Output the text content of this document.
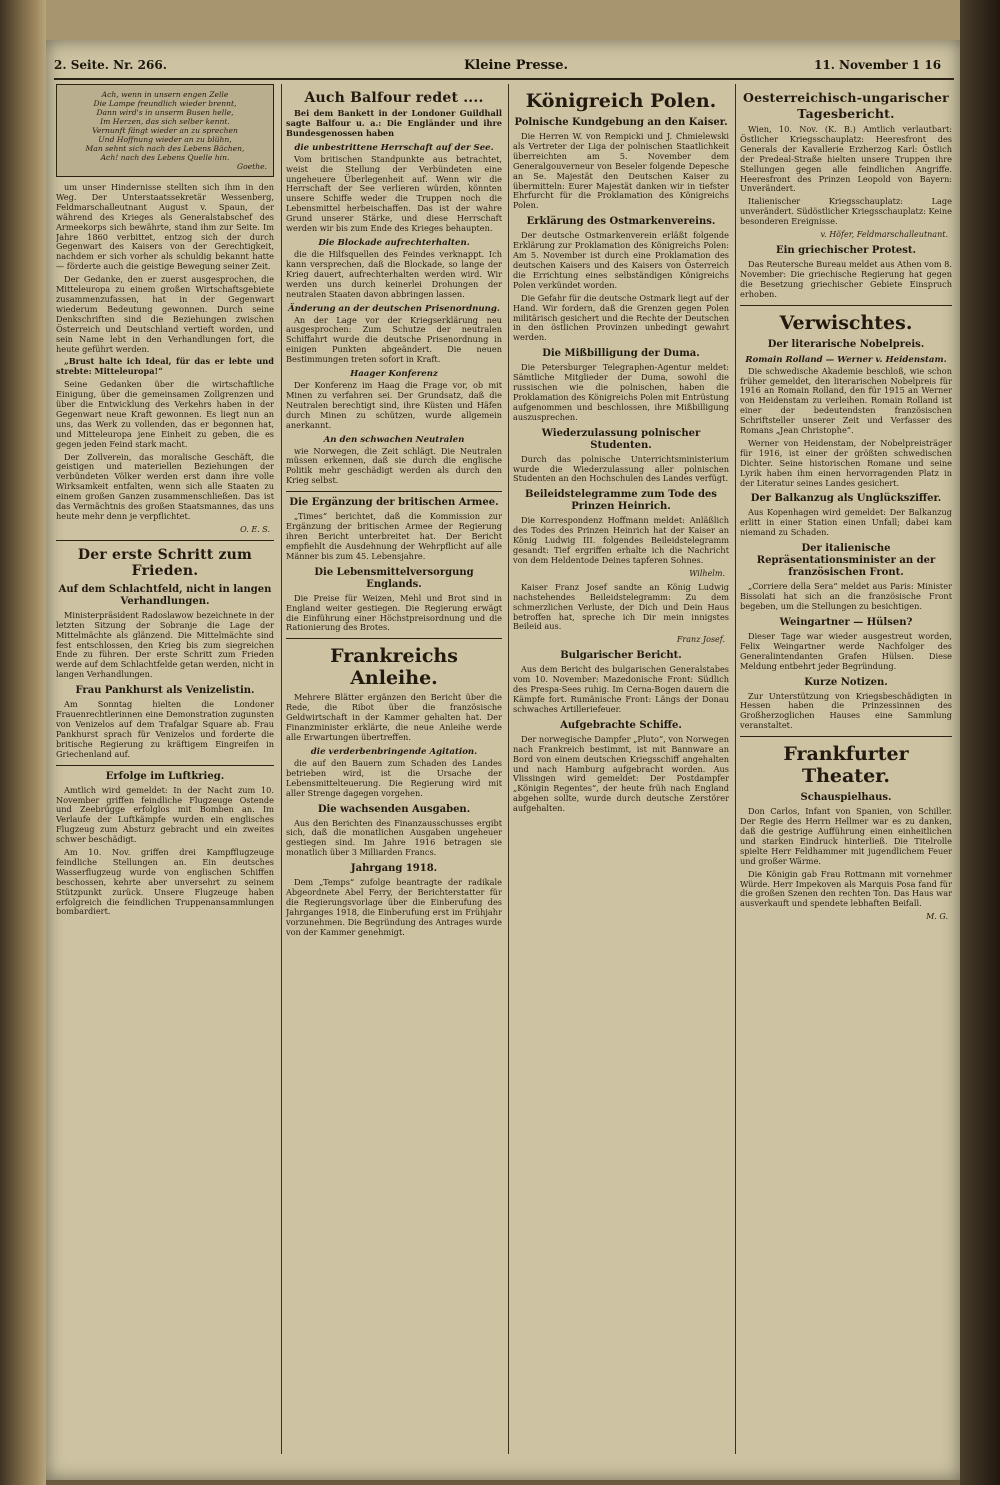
2. Seite. Nr. 266.	Kleine Presse.	11. November 1 16
Ach, wenn in unsern engen Zelle
Die Lampe freundlich wieder brennt,
Dann wird's in unserm Busen helle,
Im Herzen, das sich selber kennt.
Vernunft fängt wieder an zu sprechen
Und Hoffnung wieder an zu blühn,
Man sehnt sich nach des Lebens Bächen,
Ach! nach des Lebens Quelle hin.
Goethe.

um unser Hindernisse stellten sich ihm in den Weg. Der Unterstaatssekretär Wessenberg, Feldmarschalleutnant August v. Spaun, der während des Krieges als Generalstabschef des Armeekorps sich bewährte, stand ihm zur Seite. Im Jahre 1860 verbittet, entzog sich der durch Gegenwart des Kaisers von der Gerechtigkeit, nachdem er sich vorher als schuldig bekannt hatte — förderte auch die geistige Bewegung seiner Zeit.

Der Gedanke, den er zuerst ausgesprochen, die Mitteleuropa zu einem großen Wirtschaftsgebiete zusammenzufassen, hat in der Gegenwart wiederum Bedeutung gewonnen. Durch seine Denkschriften sind die Beziehungen zwischen Österreich und Deutschland vertieft worden, und sein Name lebt in den Verhandlungen fort, die heute geführt werden.

„Brust halte ich Ideal, für das er lebte und strebte: Mitteleuropa!“

Seine Gedanken über die wirtschaftliche Einigung, über die gemeinsamen Zollgrenzen und über die Entwicklung des Verkehrs haben in der Gegenwart neue Kraft gewonnen. Es liegt nun an uns, das Werk zu vollenden, das er begonnen hat, und Mitteleuropa jene Einheit zu geben, die es gegen jeden Feind stark macht.

Der Zollverein, das moralische Geschäft, die geistigen und materiellen Beziehungen der verbündeten Völker werden erst dann ihre volle Wirksamkeit entfalten, wenn sich alle Staaten zu einem großen Ganzen zusammenschließen. Das ist das Vermächtnis des großen Staatsmannes, das uns heute mehr denn je verpflichtet.

O. E. S.
Der erste Schritt zum Frieden.
Auf dem Schlachtfeld, nicht in langen Verhandlungen.

Ministerpräsident Radoslawow bezeichnete in der letzten Sitzung der Sobranje die Lage der Mittelmächte als glänzend. Die Mittelmächte sind fest entschlossen, den Krieg bis zum siegreichen Ende zu führen. Der erste Schritt zum Frieden werde auf dem Schlachtfelde getan werden, nicht in langen Verhandlungen.

Frau Pankhurst als Venizelistin.

Am Sonntag hielten die Londoner Frauenrechtlerinnen eine Demonstration zugunsten von Venizelos auf dem Trafalgar Square ab. Frau Pankhurst sprach für Venizelos und forderte die britische Regierung zu kräftigem Eingreifen in Griechenland auf.

Erfolge im Luftkrieg.

Amtlich wird gemeldet: In der Nacht zum 10. November griffen feindliche Flugzeuge Ostende und Zeebrügge erfolglos mit Bomben an. Im Verlaufe der Luftkämpfe wurden ein englisches Flugzeug zum Absturz gebracht und ein zweites schwer beschädigt.

Am 10. Nov. griffen drei Kampfflugzeuge feindliche Stellungen an. Ein deutsches Wasserflugzeug wurde von englischen Schiffen beschossen, kehrte aber unversehrt zu seinem Stützpunkt zurück. Unsere Flugzeuge haben erfolgreich die feindlichen Truppenansammlungen bombardiert.

Auch Balfour redet ....

Bei dem Bankett in der Londoner Guildhall sagte Balfour u. a.: Die Engländer und ihre Bundesgenossen haben

die unbestrittene Herrschaft auf der See.

Vom britischen Standpunkte aus betrachtet, weist die Stellung der Verbündeten eine ungeheuere Überlegenheit auf. Wenn wir die Herrschaft der See verlieren würden, könnten unsere Schiffe weder die Truppen noch die Lebensmittel herbeischaffen. Das ist der wahre Grund unserer Stärke, und diese Herrschaft werden wir bis zum Ende des Krieges behaupten.

Die Blockade aufrechterhalten.

die die Hilfsquellen des Feindes verknappt. Ich kann versprechen, daß die Blockade, so lange der Krieg dauert, aufrechterhalten werden wird. Wir werden uns durch keinerlei Drohungen der neutralen Staaten davon abbringen lassen.

Änderung an der deutschen Prisenordnung.

An der Lage vor der Kriegserklärung neu ausgesprochen: Zum Schutze der neutralen Schiffahrt wurde die deutsche Prisenordnung in einigen Punkten abgeändert. Die neuen Bestimmungen treten sofort in Kraft.

Haager Konferenz

Der Konferenz im Haag die Frage vor, ob mit Minen zu verfahren sei. Der Grundsatz, daß die Neutralen berechtigt sind, ihre Küsten und Häfen durch Minen zu schützen, wurde allgemein anerkannt.

An den schwachen Neutralen

wie Norwegen, die Zeit schlägt. Die Neutralen müssen erkennen, daß sie durch die englische Politik mehr geschädigt werden als durch den Krieg selbst.

Die Ergänzung der britischen Armee.

„Times“ berichtet, daß die Kommission zur Ergänzung der britischen Armee der Regierung ihren Bericht unterbreitet hat. Der Bericht empfiehlt die Ausdehnung der Wehrpflicht auf alle Männer bis zum 45. Lebensjahre.

Die Lebensmittelversorgung Englands.

Die Preise für Weizen, Mehl und Brot sind in England weiter gestiegen. Die Regierung erwägt die Einführung einer Höchstpreisordnung und die Rationierung des Brotes.

Frankreichs Anleihe.

Mehrere Blätter ergänzen den Bericht über die Rede, die Ribot über die französische Geldwirtschaft in der Kammer gehalten hat. Der Finanzminister erklärte, die neue Anleihe werde alle Erwartungen übertreffen.

die verderbenbringende Agitation.

die auf den Bauern zum Schaden des Landes betrieben wird, ist die Ursache der Lebensmittelteuerung. Die Regierung wird mit aller Strenge dagegen vorgehen.

Die wachsenden Ausgaben.

Aus den Berichten des Finanzausschusses ergibt sich, daß die monatlichen Ausgaben ungeheuer gestiegen sind. Im Jahre 1916 betragen sie monatlich über 3 Milliarden Francs.

Jahrgang 1918.

Dem „Temps“ zufolge beantragte der radikale Abgeordnete Abel Ferry, der Berichterstatter für die Regierungsvorlage über die Einberufung des Jahrganges 1918, die Einberufung erst im Frühjahr vorzunehmen. Die Begründung des Antrages wurde von der Kammer genehmigt.

Königreich Polen.
Polnische Kundgebung an den Kaiser.

Die Herren W. von Rempicki und J. Chmielewski als Vertreter der Liga der polnischen Staatlichkeit überreichten am 5. November dem Generalgouverneur von Beseler folgende Depesche an Se. Majestät den Deutschen Kaiser zu übermitteln: Eurer Majestät danken wir in tiefster Ehrfurcht für die Proklamation des Königreichs Polen.

Erklärung des Ostmarkenvereins.

Der deutsche Ostmarkenverein erläßt folgende Erklärung zur Proklamation des Königreichs Polen: Am 5. November ist durch eine Proklamation des deutschen Kaisers und des Kaisers von Österreich die Errichtung eines selbständigen Königreichs Polen verkündet worden.

Die Gefahr für die deutsche Ostmark liegt auf der Hand. Wir fordern, daß die Grenzen gegen Polen militärisch gesichert und die Rechte der Deutschen in den östlichen Provinzen unbedingt gewahrt werden.

Die Mißbilligung der Duma.

Die Petersburger Telegraphen-Agentur meldet: Sämtliche Mitglieder der Duma, sowohl die russischen wie die polnischen, haben die Proklamation des Königreichs Polen mit Entrüstung aufgenommen und beschlossen, ihre Mißbilligung auszusprechen.

Wiederzulassung polnischer Studenten.

Durch das polnische Unterrichtsministerium wurde die Wiederzulassung aller polnischen Studenten an den Hochschulen des Landes verfügt.

Beileidstelegramme zum Tode des Prinzen Heinrich.

Die Korrespondenz Hoffmann meldet: Anläßlich des Todes des Prinzen Heinrich hat der Kaiser an König Ludwig III. folgendes Beileidstelegramm gesandt: Tief ergriffen erhalte ich die Nachricht von dem Heldentode Deines tapferen Sohnes.

Wilhelm.

Kaiser Franz Josef sandte an König Ludwig nachstehendes Beileidstelegramm: Zu dem schmerzlichen Verluste, der Dich und Dein Haus betroffen hat, spreche ich Dir mein innigstes Beileid aus.

Franz Josef.
Bulgarischer Bericht.

Aus dem Bericht des bulgarischen Generalstabes vom 10. November: Mazedonische Front: Südlich des Prespa-Sees ruhig. Im Cerna-Bogen dauern die Kämpfe fort. Rumänische Front: Längs der Donau schwaches Artilleriefeuer.

Aufgebrachte Schiffe.

Der norwegische Dampfer „Pluto“, von Norwegen nach Frankreich bestimmt, ist mit Bannware an Bord von einem deutschen Kriegsschiff angehalten und nach Hamburg aufgebracht worden. Aus Vlissingen wird gemeldet: Der Postdampfer „Königin Regentes“, der heute früh nach England abgehen sollte, wurde durch deutsche Zerstörer aufgehalten.

Oesterreichisch-ungarischer Tagesbericht.

Wien, 10. Nov. (K. B.) Amtlich verlautbart: Östlicher Kriegsschauplatz: Heeresfront des Generals der Kavallerie Erzherzog Karl: Östlich der Predeal-Straße hielten unsere Truppen ihre Stellungen gegen alle feindlichen Angriffe. Heeresfront des Prinzen Leopold von Bayern: Unverändert.

Italienischer Kriegsschauplatz: Lage unverändert. Südöstlicher Kriegsschauplatz: Keine besonderen Ereignisse.

v. Höfer, Feldmarschalleutnant.
Ein griechischer Protest.

Das Reutersche Bureau meldet aus Athen vom 8. November: Die griechische Regierung hat gegen die Besetzung griechischer Gebiete Einspruch erhoben.

Verwischtes.
Der literarische Nobelpreis.
Romain Rolland — Werner v. Heidenstam.

Die schwedische Akademie beschloß, wie schon früher gemeldet, den literarischen Nobelpreis für 1916 an Romain Rolland, den für 1915 an Werner von Heidenstam zu verleihen. Romain Rolland ist einer der bedeutendsten französischen Schriftsteller unserer Zeit und Verfasser des Romans „Jean Christophe“.

Werner von Heidenstam, der Nobelpreisträger für 1916, ist einer der größten schwedischen Dichter. Seine historischen Romane und seine Lyrik haben ihm einen hervorragenden Platz in der Literatur seines Landes gesichert.

Der Balkanzug als Unglücksziffer.

Aus Kopenhagen wird gemeldet: Der Balkanzug erlitt in einer Station einen Unfall; dabei kam niemand zu Schaden.

Der italienische Repräsentationsminister an der französischen Front.

„Corriere della Sera“ meldet aus Paris: Minister Bissolati hat sich an die französische Front begeben, um die Stellungen zu besichtigen.

Weingartner — Hülsen?

Dieser Tage war wieder ausgestreut worden, Felix Weingartner werde Nachfolger des Generalintendanten Grafen Hülsen. Diese Meldung entbehrt jeder Begründung.

Kurze Notizen.

Zur Unterstützung von Kriegsbeschädigten in Hessen haben die Prinzessinnen des Großherzoglichen Hauses eine Sammlung veranstaltet.

Frankfurter Theater.
Schauspielhaus.

Don Carlos, Infant von Spanien, von Schiller. Der Regie des Herrn Hellmer war es zu danken, daß die gestrige Aufführung einen einheitlichen und starken Eindruck hinterließ. Die Titelrolle spielte Herr Feldhammer mit jugendlichem Feuer und großer Wärme.

Die Königin gab Frau Rottmann mit vornehmer Würde. Herr Impekoven als Marquis Posa fand für die großen Szenen den rechten Ton. Das Haus war ausverkauft und spendete lebhaften Beifall.

M. G.
